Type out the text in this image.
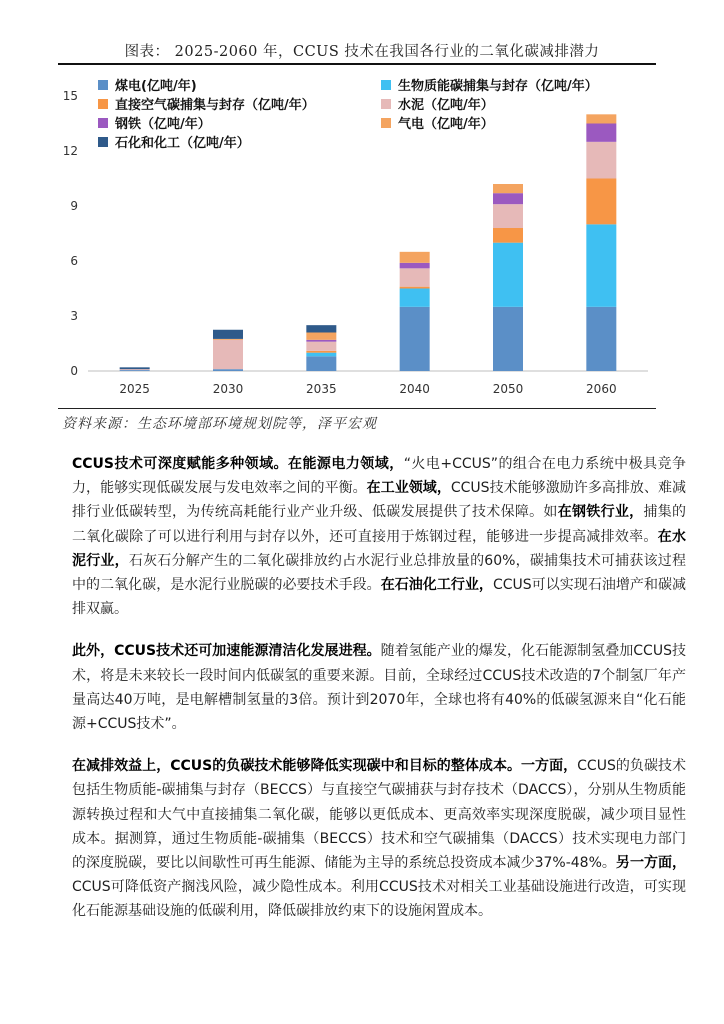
图表： 2025-2060 年，CCUS 技术在我国各行业的二氧化碳减排潜力
煤电(亿吨/年)	生物质能碳捕集与封存（亿吨/年）
直接空气碳捕集与封存（亿吨/年）	水泥（亿吨/年）
钢铁（亿吨/年）	气电（亿吨/年）
石化和化工（亿吨/年）
0
3
6
9
12
15
2025	2030	2035	2040	2050	2060
资料来源：生态环境部环境规划院等，泽平宏观

CCUS技术可深度赋能多种领域。在能源电力领域，“火电+CCUS”的组合在电力系统中极具竞争力，能够实现低碳发展与发电效率之间的平衡。在工业领域，CCUS技术能够激励许多高排放、难减排行业低碳转型，为传统高耗能行业产业升级、低碳发展提供了技术保障。如在钢铁行业，捕集的二氧化碳除了可以进行利用与封存以外，还可直接用于炼钢过程，能够进一步提高减排效率。在水泥行业，石灰石分解产生的二氧化碳排放约占水泥行业总排放量的60%，碳捕集技术可捕获该过程中的二氧化碳，是水泥行业脱碳的必要技术手段。在石油化工行业，CCUS可以实现石油增产和碳减排双赢。

此外，CCUS技术还可加速能源清洁化发展进程。随着氢能产业的爆发，化石能源制氢叠加CCUS技术，将是未来较长一段时间内低碳氢的重要来源。目前，全球经过CCUS技术改造的7个制氢厂年产量高达40万吨，是电解槽制氢量的3倍。预计到2070年，全球也将有40%的低碳氢源来自“化石能源+CCUS技术”。

在减排效益上，CCUS的负碳技术能够降低实现碳中和目标的整体成本。一方面，CCUS的负碳技术包括生物质能-碳捕集与封存（BECCS）与直接空气碳捕获与封存技术（DACCS），分别从生物质能源转换过程和大气中直接捕集二氧化碳，能够以更低成本、更高效率实现深度脱碳，减少项目显性成本。据测算，通过生物质能-碳捕集（BECCS）技术和空气碳捕集（DACCS）技术实现电力部门的深度脱碳，要比以间歇性可再生能源、储能为主导的系统总投资成本减少37%-48%。另一方面，CCUS可降低资产搁浅风险，减少隐性成本。利用CCUS技术对相关工业基础设施进行改造，可实现化石能源基础设施的低碳利用，降低碳排放约束下的设施闲置成本。
